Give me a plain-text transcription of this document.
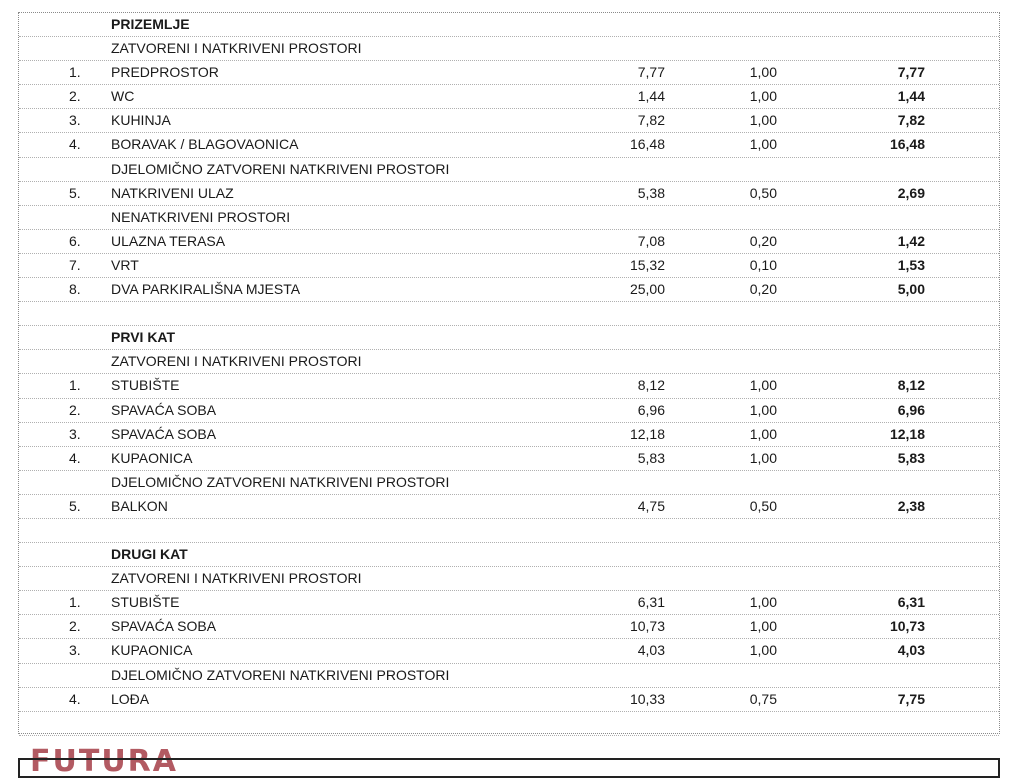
PRIZEMLJE
ZATVORENI I NATKRIVENI PROSTORI
1.	PREDPROSTOR	7,77	1,00	7,77
2.	WC	1,44	1,00	1,44
3.	KUHINJA	7,82	1,00	7,82
4.	BORAVAK / BLAGOVAONICA	16,48	1,00	16,48
DJELOMIČNO ZATVORENI NATKRIVENI PROSTORI
5.	NATKRIVENI ULAZ	5,38	0,50	2,69
NENATKRIVENI PROSTORI
6.	ULAZNA TERASA	7,08	0,20	1,42
7.	VRT	15,32	0,10	1,53
8.	DVA PARKIRALIŠNA MJESTA	25,00	0,20	5,00
PRVI KAT
ZATVORENI I NATKRIVENI PROSTORI
1.	STUBIŠTE	8,12	1,00	8,12
2.	SPAVAĆA SOBA	6,96	1,00	6,96
3.	SPAVAĆA SOBA	12,18	1,00	12,18
4.	KUPAONICA	5,83	1,00	5,83
DJELOMIČNO ZATVORENI NATKRIVENI PROSTORI
5.	BALKON	4,75	0,50	2,38
DRUGI KAT
ZATVORENI I NATKRIVENI PROSTORI
1.	STUBIŠTE	6,31	1,00	6,31
2.	SPAVAĆA SOBA	10,73	1,00	10,73
3.	KUPAONICA	4,03	1,00	4,03
DJELOMIČNO ZATVORENI NATKRIVENI PROSTORI
4.	LOĐA	10,33	0,75	7,75
FUTURA
